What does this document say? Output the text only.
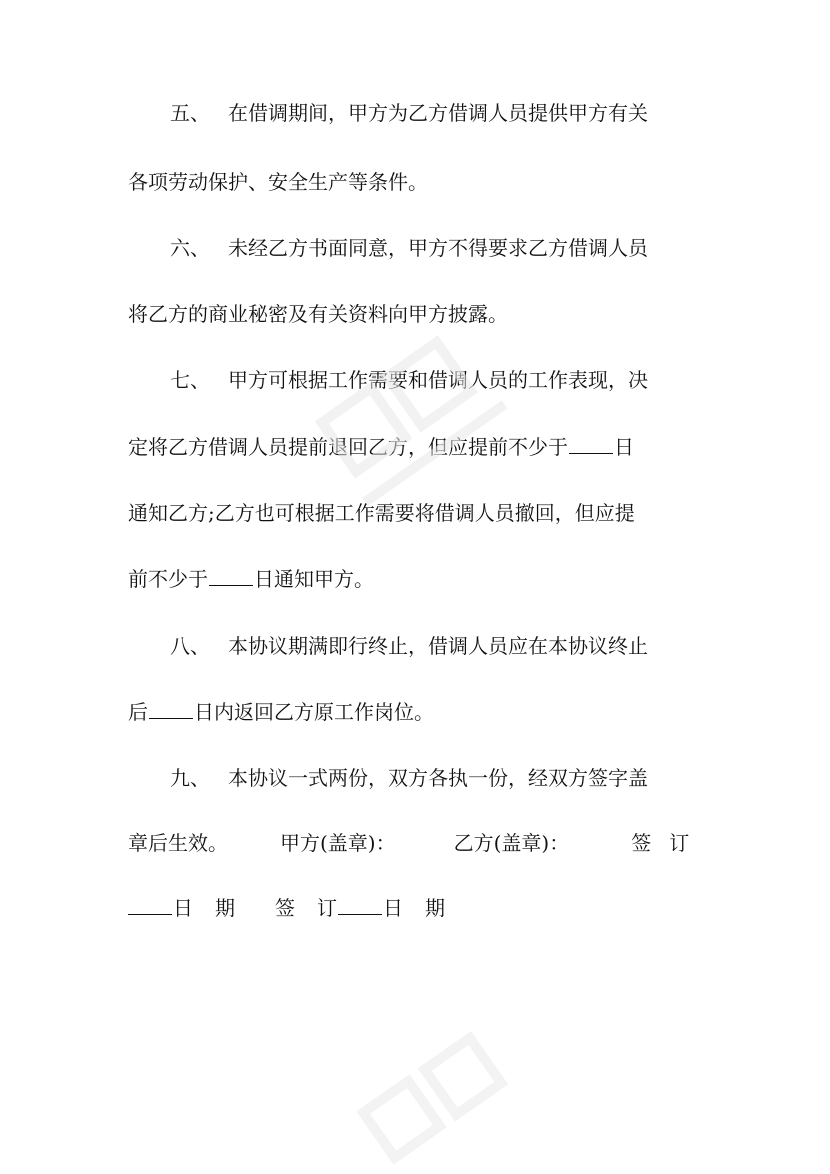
五、 在借调期间，甲方为乙方借调人员提供甲方有关
各项劳动保护、安全生产等条件。
六、 未经乙方书面同意，甲方不得要求乙方借调人员
将乙方的商业秘密及有关资料向甲方披露。
七、 甲方可根据工作需要和借调人员的工作表现，决
定将乙方借调人员提前退回乙方，但应提前不少于 日
通知乙方;乙方也可根据工作需要将借调人员撤回，但应提
前不少于 日通知甲方。
八、 本协议期满即行终止，借调人员应在本协议终止
后 日内返回乙方原工作岗位。
九、 本协议一式两份，双方各执一份，经双方签字盖
章后生效。	甲方(盖章)：	乙方(盖章)：	签 订
日 期 签 订 日 期
